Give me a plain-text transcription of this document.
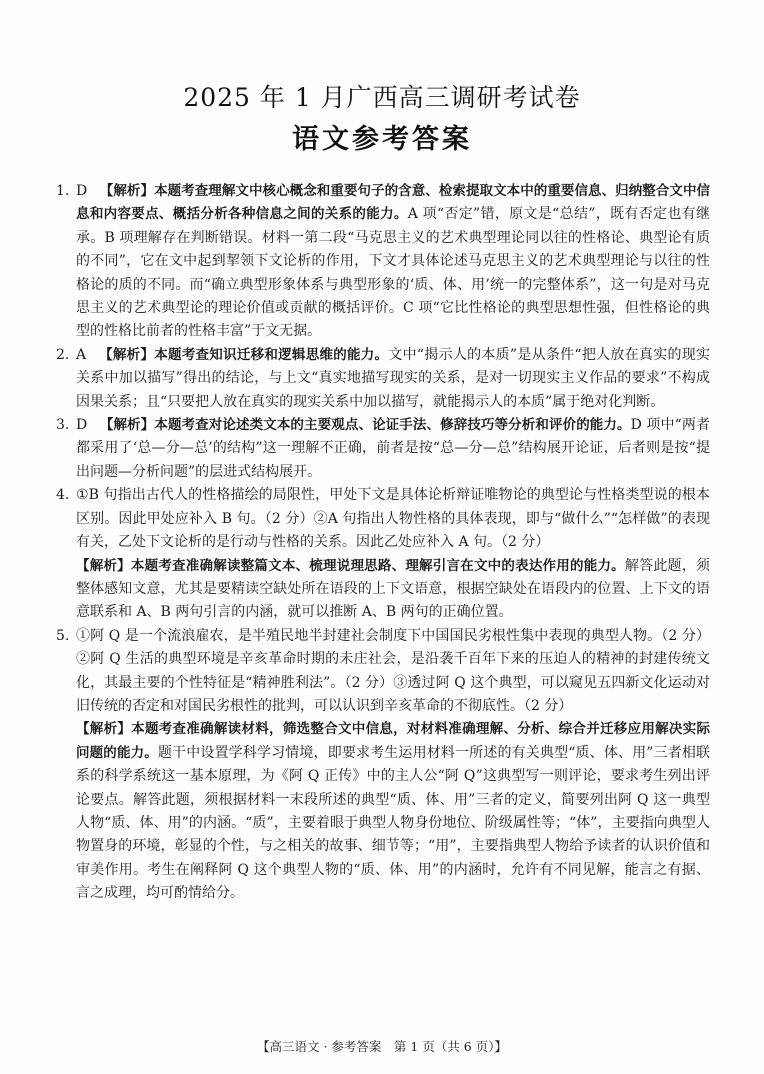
2025 年 1 月广西高三调研考试卷
语文参考答案
1. D 【解析】本题考查理解文中核心概念和重要句子的含意、检索提取文本中的重要信息、归纳整合文中信息和内容要点、概括分析各种信息之间的关系的能力。A 项“否定”错，原文是“总结”，既有否定也有继承。B 项理解存在判断错误。材料一第二段“马克思主义的艺术典型理论同以往的性格论、典型论有质的不同”，它在文中起到挈领下文论析的作用，下文才具体论述马克思主义的艺术典型理论与以往的性格论的质的不同。而“确立典型形象体系与典型形象的‘质、体、用’统一的完整体系”，这一句是对马克思主义的艺术典型论的理论价值或贡献的概括评价。C 项“它比性格论的典型思想性强，但性格论的典型的性格比前者的性格丰富”于文无据。
2. A 【解析】本题考查知识迁移和逻辑思维的能力。文中“揭示人的本质”是从条件“把人放在真实的现实关系中加以描写”得出的结论，与上文“真实地描写现实的关系，是对一切现实主义作品的要求”不构成因果关系；且“只要把人放在真实的现实关系中加以描写，就能揭示人的本质”属于绝对化判断。
3. D 【解析】本题考查对论述类文本的主要观点、论证手法、修辞技巧等分析和评价的能力。D 项中“两者都采用了‘总—分—总’的结构”这一理解不正确，前者是按“总—分—总”结构展开论证，后者则是按“提出问题—分析问题”的层进式结构展开。
4. ①B 句指出古代人的性格描绘的局限性，甲处下文是具体论析辩证唯物论的典型论与性格类型说的根本区别。因此甲处应补入 B 句。（2 分）②A 句指出人物性格的具体表现，即与“做什么”“怎样做”的表现有关，乙处下文论析的是行动与性格的关系。因此乙处应补入 A 句。（2 分）
【解析】本题考查准确解读整篇文本、梳理说理思路、理解引言在文中的表达作用的能力。解答此题，须整体感知文意，尤其是要精读空缺处所在语段的上下文语意，根据空缺处在语段内的位置、上下文的语意联系和 A、B 两句引言的内涵，就可以推断 A、B 两句的正确位置。
5. ①阿 Q 是一个流浪雇农，是半殖民地半封建社会制度下中国国民劣根性集中表现的典型人物。（2 分）②阿 Q 生活的典型环境是辛亥革命时期的未庄社会，是沿袭千百年下来的压迫人的精神的封建传统文化，其最主要的个性特征是“精神胜利法”。（2 分）③透过阿 Q 这个典型，可以窥见五四新文化运动对旧传统的否定和对国民劣根性的批判，可以认识到辛亥革命的不彻底性。（2 分）
【解析】本题考查准确解读材料，筛选整合文中信息，对材料准确理解、分析、综合并迁移应用解决实际问题的能力。题干中设置学科学习情境，即要求考生运用材料一所述的有关典型“质、体、用”三者相联系的科学系统这一基本原理，为《阿 Q 正传》中的主人公“阿 Q”这典型写一则评论，要求考生列出评论要点。解答此题，须根据材料一末段所述的典型“质、体、用”三者的定义，简要列出阿 Q 这一典型人物“质、体、用”的内涵。“质”，主要着眼于典型人物身份地位、阶级属性等；“体”，主要指向典型人物置身的环境，彰显的个性，与之相关的故事、细节等；“用”，主要指典型人物给予读者的认识价值和审美作用。考生在阐释阿 Q 这个典型人物的“质、体、用”的内涵时，允许有不同见解，能言之有据、言之成理，均可酌情给分。
【高三语文 · 参考答案　第 1 页（共 6 页）】
